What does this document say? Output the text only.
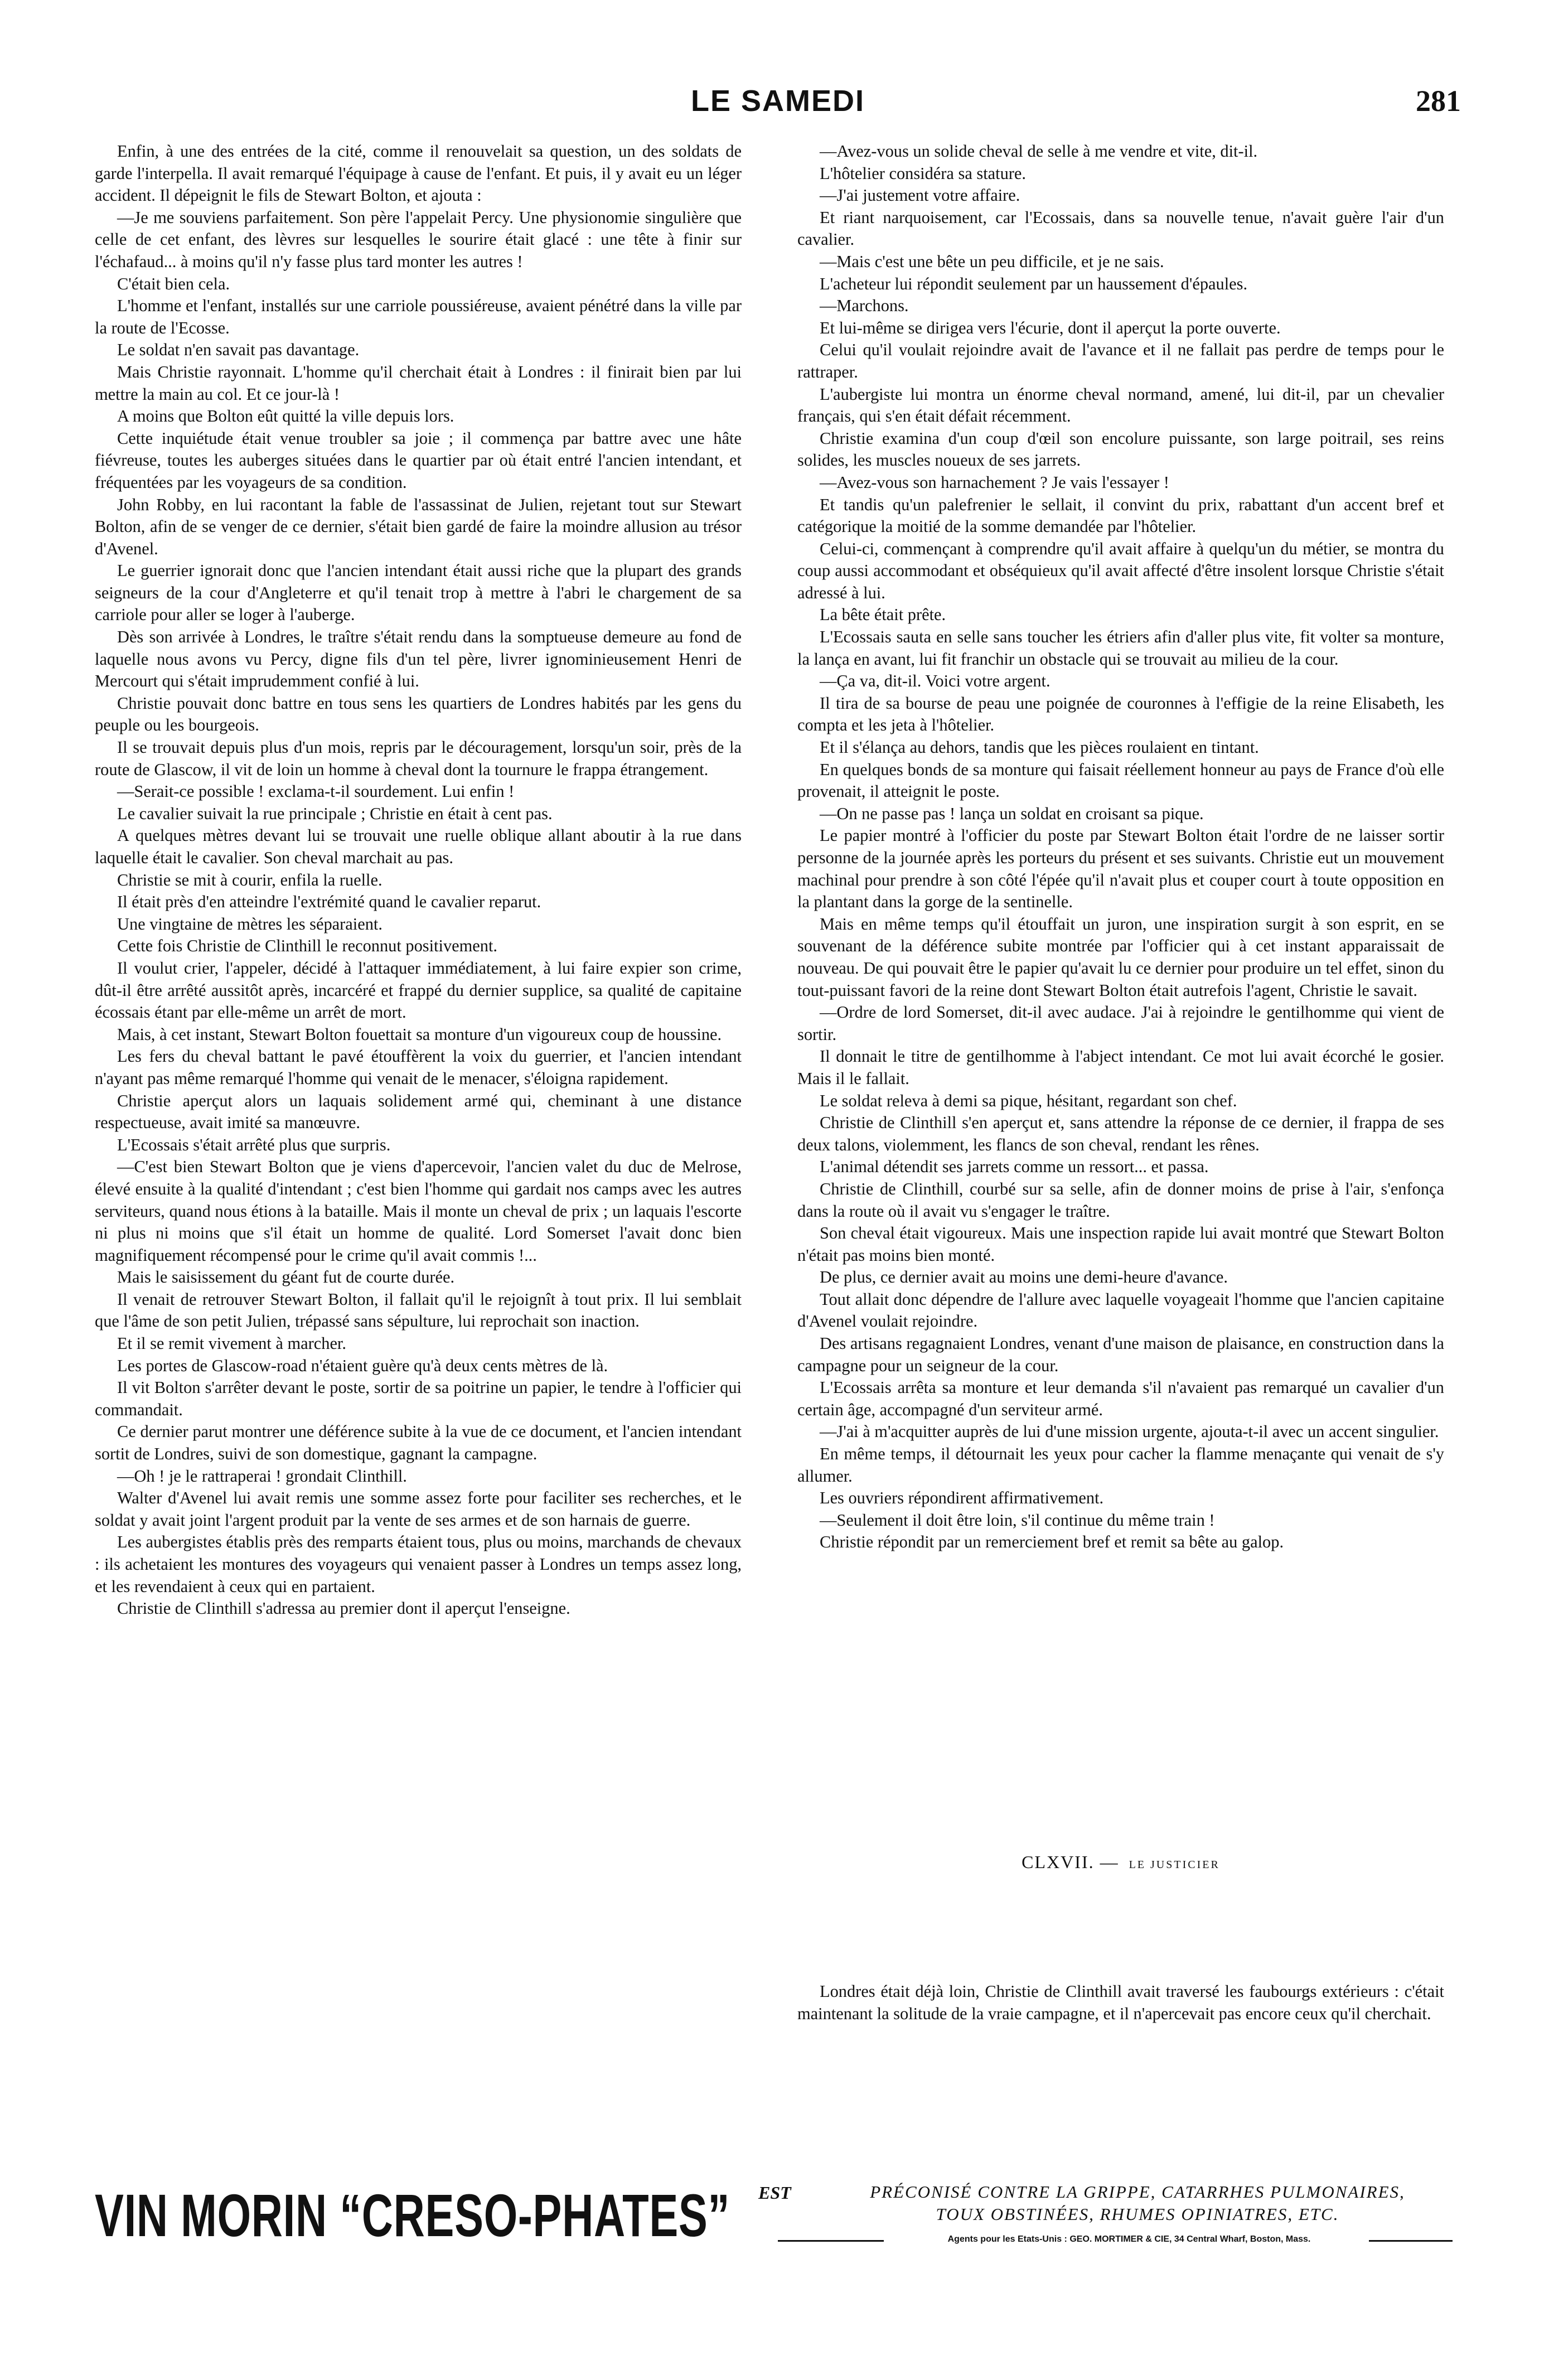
LE SAMEDI	281

Enfin, à une des entrées de la cité, comme il renouvelait sa question, un des soldats de garde l'interpella. Il avait remarqué l'équipage à cause de l'enfant. Et puis, il y avait eu un léger accident. Il dépeignit le fils de Stewart Bolton, et ajouta :

—Je me souviens parfaitement. Son père l'appelait Percy. Une physionomie singulière que celle de cet enfant, des lèvres sur lesquelles le sourire était glacé : une tête à finir sur l'échafaud... à moins qu'il n'y fasse plus tard monter les autres !

C'était bien cela.

L'homme et l'enfant, installés sur une carriole poussiéreuse, avaient pénétré dans la ville par la route de l'Ecosse.

Le soldat n'en savait pas davantage.

Mais Christie rayonnait. L'homme qu'il cherchait était à Londres : il finirait bien par lui mettre la main au col. Et ce jour-là !

A moins que Bolton eût quitté la ville depuis lors.

Cette inquiétude était venue troubler sa joie ; il commença par battre avec une hâte fiévreuse, toutes les auberges situées dans le quartier par où était entré l'ancien intendant, et fréquentées par les voyageurs de sa condition.

John Robby, en lui racontant la fable de l'assassinat de Julien, rejetant tout sur Stewart Bolton, afin de se venger de ce dernier, s'était bien gardé de faire la moindre allusion au trésor d'Avenel.

Le guerrier ignorait donc que l'ancien intendant était aussi riche que la plupart des grands seigneurs de la cour d'Angleterre et qu'il tenait trop à mettre à l'abri le chargement de sa carriole pour aller se loger à l'auberge.

Dès son arrivée à Londres, le traître s'était rendu dans la somptueuse demeure au fond de laquelle nous avons vu Percy, digne fils d'un tel père, livrer ignominieusement Henri de Mercourt qui s'était imprudemment confié à lui.

Christie pouvait donc battre en tous sens les quartiers de Londres habités par les gens du peuple ou les bourgeois.

Il se trouvait depuis plus d'un mois, repris par le découragement, lorsqu'un soir, près de la route de Glascow, il vit de loin un homme à cheval dont la tournure le frappa étrangement.

—Serait-ce possible ! exclama-t-il sourdement. Lui enfin !

Le cavalier suivait la rue principale ; Christie en était à cent pas.

A quelques mètres devant lui se trouvait une ruelle oblique allant aboutir à la rue dans laquelle était le cavalier. Son cheval marchait au pas.

Christie se mit à courir, enfila la ruelle.

Il était près d'en atteindre l'extrémité quand le cavalier reparut.

Une vingtaine de mètres les séparaient.

Cette fois Christie de Clinthill le reconnut positivement.

Il voulut crier, l'appeler, décidé à l'attaquer immédiatement, à lui faire expier son crime, dût-il être arrêté aussitôt après, incarcéré et frappé du dernier supplice, sa qualité de capitaine écossais étant par elle-même un arrêt de mort.

Mais, à cet instant, Stewart Bolton fouettait sa monture d'un vigoureux coup de houssine.

Les fers du cheval battant le pavé étouffèrent la voix du guerrier, et l'ancien intendant n'ayant pas même remarqué l'homme qui venait de le menacer, s'éloigna rapidement.

Christie aperçut alors un laquais solidement armé qui, cheminant à une distance respectueuse, avait imité sa manœuvre.

L'Ecossais s'était arrêté plus que surpris.

—C'est bien Stewart Bolton que je viens d'apercevoir, l'ancien valet du duc de Melrose, élevé ensuite à la qualité d'intendant ; c'est bien l'homme qui gardait nos camps avec les autres serviteurs, quand nous étions à la bataille. Mais il monte un cheval de prix ; un laquais l'escorte ni plus ni moins que s'il était un homme de qualité. Lord Somerset l'avait donc bien magnifiquement récompensé pour le crime qu'il avait commis !...

Mais le saisissement du géant fut de courte durée.

Il venait de retrouver Stewart Bolton, il fallait qu'il le rejoignît à tout prix. Il lui semblait que l'âme de son petit Julien, trépassé sans sépulture, lui reprochait son inaction.

Et il se remit vivement à marcher.

Les portes de Glascow-road n'étaient guère qu'à deux cents mètres de là.

Il vit Bolton s'arrêter devant le poste, sortir de sa poitrine un papier, le tendre à l'officier qui commandait.

Ce dernier parut montrer une déférence subite à la vue de ce document, et l'ancien intendant sortit de Londres, suivi de son domestique, gagnant la campagne.

—Oh ! je le rattraperai ! grondait Clinthill.

Walter d'Avenel lui avait remis une somme assez forte pour faciliter ses recherches, et le soldat y avait joint l'argent produit par la vente de ses armes et de son harnais de guerre.

Les aubergistes établis près des remparts étaient tous, plus ou moins, marchands de chevaux : ils achetaient les montures des voyageurs qui venaient passer à Londres un temps assez long, et les revendaient à ceux qui en partaient.

Christie de Clinthill s'adressa au premier dont il aperçut l'enseigne.

—Avez-vous un solide cheval de selle à me vendre et vite, dit-il.

L'hôtelier considéra sa stature.

—J'ai justement votre affaire.

Et riant narquoisement, car l'Ecossais, dans sa nouvelle tenue, n'avait guère l'air d'un cavalier.

—Mais c'est une bête un peu difficile, et je ne sais.

L'acheteur lui répondit seulement par un haussement d'épaules.

—Marchons.

Et lui-même se dirigea vers l'écurie, dont il aperçut la porte ouverte.

Celui qu'il voulait rejoindre avait de l'avance et il ne fallait pas perdre de temps pour le rattraper.

L'aubergiste lui montra un énorme cheval normand, amené, lui dit-il, par un chevalier français, qui s'en était défait récemment.

Christie examina d'un coup d'œil son encolure puissante, son large poitrail, ses reins solides, les muscles noueux de ses jarrets.

—Avez-vous son harnachement ? Je vais l'essayer !

Et tandis qu'un palefrenier le sellait, il convint du prix, rabattant d'un accent bref et catégorique la moitié de la somme demandée par l'hôtelier.

Celui-ci, commençant à comprendre qu'il avait affaire à quelqu'un du métier, se montra du coup aussi accommodant et obséquieux qu'il avait affecté d'être insolent lorsque Christie s'était adressé à lui.

La bête était prête.

L'Ecossais sauta en selle sans toucher les étriers afin d'aller plus vite, fit volter sa monture, la lança en avant, lui fit franchir un obstacle qui se trouvait au milieu de la cour.

—Ça va, dit-il. Voici votre argent.

Il tira de sa bourse de peau une poignée de couronnes à l'effigie de la reine Elisabeth, les compta et les jeta à l'hôtelier.

Et il s'élança au dehors, tandis que les pièces roulaient en tintant.

En quelques bonds de sa monture qui faisait réellement honneur au pays de France d'où elle provenait, il atteignit le poste.

—On ne passe pas ! lança un soldat en croisant sa pique.

Le papier montré à l'officier du poste par Stewart Bolton était l'ordre de ne laisser sortir personne de la journée après les porteurs du présent et ses suivants. Christie eut un mouvement machinal pour prendre à son côté l'épée qu'il n'avait plus et couper court à toute opposition en la plantant dans la gorge de la sentinelle.

Mais en même temps qu'il étouffait un juron, une inspiration surgit à son esprit, en se souvenant de la déférence subite montrée par l'officier qui à cet instant apparaissait de nouveau. De qui pouvait être le papier qu'avait lu ce dernier pour produire un tel effet, sinon du tout-puissant favori de la reine dont Stewart Bolton était autrefois l'agent, Christie le savait.

—Ordre de lord Somerset, dit-il avec audace. J'ai à rejoindre le gentilhomme qui vient de sortir.

Il donnait le titre de gentilhomme à l'abject intendant. Ce mot lui avait écorché le gosier. Mais il le fallait.

Le soldat releva à demi sa pique, hésitant, regardant son chef.

Christie de Clinthill s'en aperçut et, sans attendre la réponse de ce dernier, il frappa de ses deux talons, violemment, les flancs de son cheval, rendant les rênes.

L'animal détendit ses jarrets comme un ressort... et passa.

Christie de Clinthill, courbé sur sa selle, afin de donner moins de prise à l'air, s'enfonça dans la route où il avait vu s'engager le traître.

Son cheval était vigoureux. Mais une inspection rapide lui avait montré que Stewart Bolton n'était pas moins bien monté.

De plus, ce dernier avait au moins une demi-heure d'avance.

Tout allait donc dépendre de l'allure avec laquelle voyageait l'homme que l'ancien capitaine d'Avenel voulait rejoindre.

Des artisans regagnaient Londres, venant d'une maison de plaisance, en construction dans la campagne pour un seigneur de la cour.

L'Ecossais arrêta sa monture et leur demanda s'il n'avaient pas remarqué un cavalier d'un certain âge, accompagné d'un serviteur armé.

—J'ai à m'acquitter auprès de lui d'une mission urgente, ajouta-t-il avec un accent singulier.

En même temps, il détournait les yeux pour cacher la flamme menaçante qui venait de s'y allumer.

Les ouvriers répondirent affirmativement.

—Seulement il doit être loin, s'il continue du même train !

Christie répondit par un remerciement bref et remit sa bête au galop.

CLXVII. — LE JUSTICIER

Londres était déjà loin, Christie de Clinthill avait traversé les faubourgs extérieurs : c'était maintenant la solitude de la vraie campagne, et il n'apercevait pas encore ceux qu'il cherchait.

VIN MORIN “CRESO-PHATES” EST	PRÉCONISÉ CONTRE LA GRIPPE, CATARRHES PULMONAIRES,
TOUX OBSTINÉES, RHUMES OPINIATRES, ETC.
Agents pour les Etats-Unis : GEO. MORTIMER & CIE, 34 Central Wharf, Boston, Mass.
